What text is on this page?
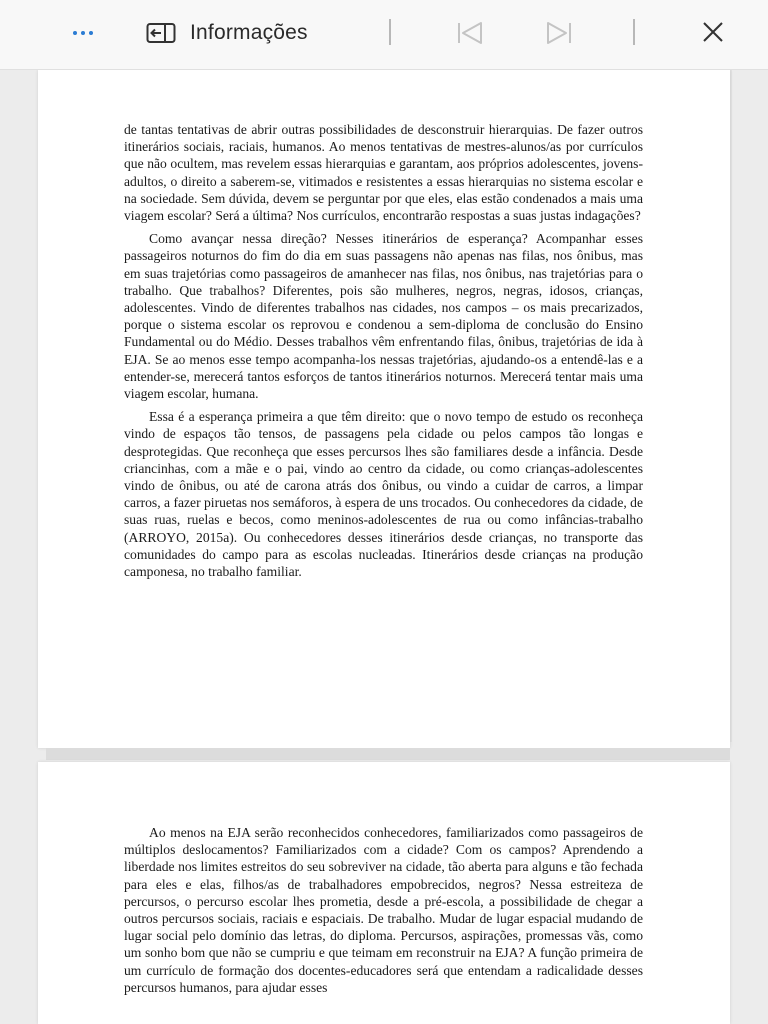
Informações

de tantas tentativas de abrir outras possibilidades de desconstruir hierarquias. De fazer outros itinerários sociais, raciais, humanos. Ao menos tentativas de mestres-alunos/as por currículos que não ocultem, mas revelem essas hierarquias e garantam, aos próprios adolescentes, jovens-adultos, o direito a saberem-se, vitimados e resistentes a essas hierarquias no sistema escolar e na sociedade. Sem dúvida, devem se perguntar por que eles, elas estão condenados a mais uma viagem escolar? Será a última? Nos currículos, encontrarão respostas a suas justas indagações?

Como avançar nessa direção? Nesses itinerários de esperança? Acompanhar esses passageiros noturnos do fim do dia em suas passagens não apenas nas filas, nos ônibus, mas em suas trajetórias como passageiros de amanhecer nas filas, nos ônibus, nas trajetórias para o trabalho. Que trabalhos? Diferentes, pois são mulheres, negros, negras, idosos, crianças, adolescentes. Vindo de diferentes trabalhos nas cidades, nos campos – os mais precarizados, porque o sistema escolar os reprovou e condenou a sem-diploma de conclusão do Ensino Fundamental ou do Médio. Desses trabalhos vêm enfrentando filas, ônibus, trajetórias de ida à EJA. Se ao menos esse tempo acompanha-los nessas trajetórias, ajudando-os a entendê-las e a entender-se, merecerá tantos esforços de tantos itinerários noturnos. Merecerá tentar mais uma viagem escolar, humana.

Essa é a esperança primeira a que têm direito: que o novo tempo de estudo os reconheça vindo de espaços tão tensos, de passagens pela cidade ou pelos campos tão longas e desprotegidas. Que reconheça que esses percursos lhes são familiares desde a infância. Desde criancinhas, com a mãe e o pai, vindo ao centro da cidade, ou como crianças-adolescentes vindo de ônibus, ou até de carona atrás dos ônibus, ou vindo a cuidar de carros, a limpar carros, a fazer piruetas nos semáforos, à espera de uns trocados. Ou conhecedores da cidade, de suas ruas, ruelas e becos, como meninos-adolescentes de rua ou como infâncias-trabalho (ARROYO, 2015a). Ou conhecedores desses itinerários desde crianças, no transporte das comunidades do campo para as escolas nucleadas. Itinerários desde crianças na produção camponesa, no trabalho familiar.

Ao menos na EJA serão reconhecidos conhecedores, familiarizados como passageiros de múltiplos deslocamentos? Familiarizados com a cidade? Com os campos? Aprendendo a liberdade nos limites estreitos do seu sobreviver na cidade, tão aberta para alguns e tão fechada para eles e elas, filhos/as de trabalhadores empobrecidos, negros? Nessa estreiteza de percursos, o percurso escolar lhes prometia, desde a pré-escola, a possibilidade de chegar a outros percursos sociais, raciais e espaciais. De trabalho. Mudar de lugar espacial mudando de lugar social pelo domínio das letras, do diploma. Percursos, aspirações, promessas vãs, como um sonho bom que não se cumpriu e que teimam em reconstruir na EJA? A função primeira de um currículo de formação dos docentes-educadores será que entendam a radicalidade desses percursos humanos, para ajudar esses
